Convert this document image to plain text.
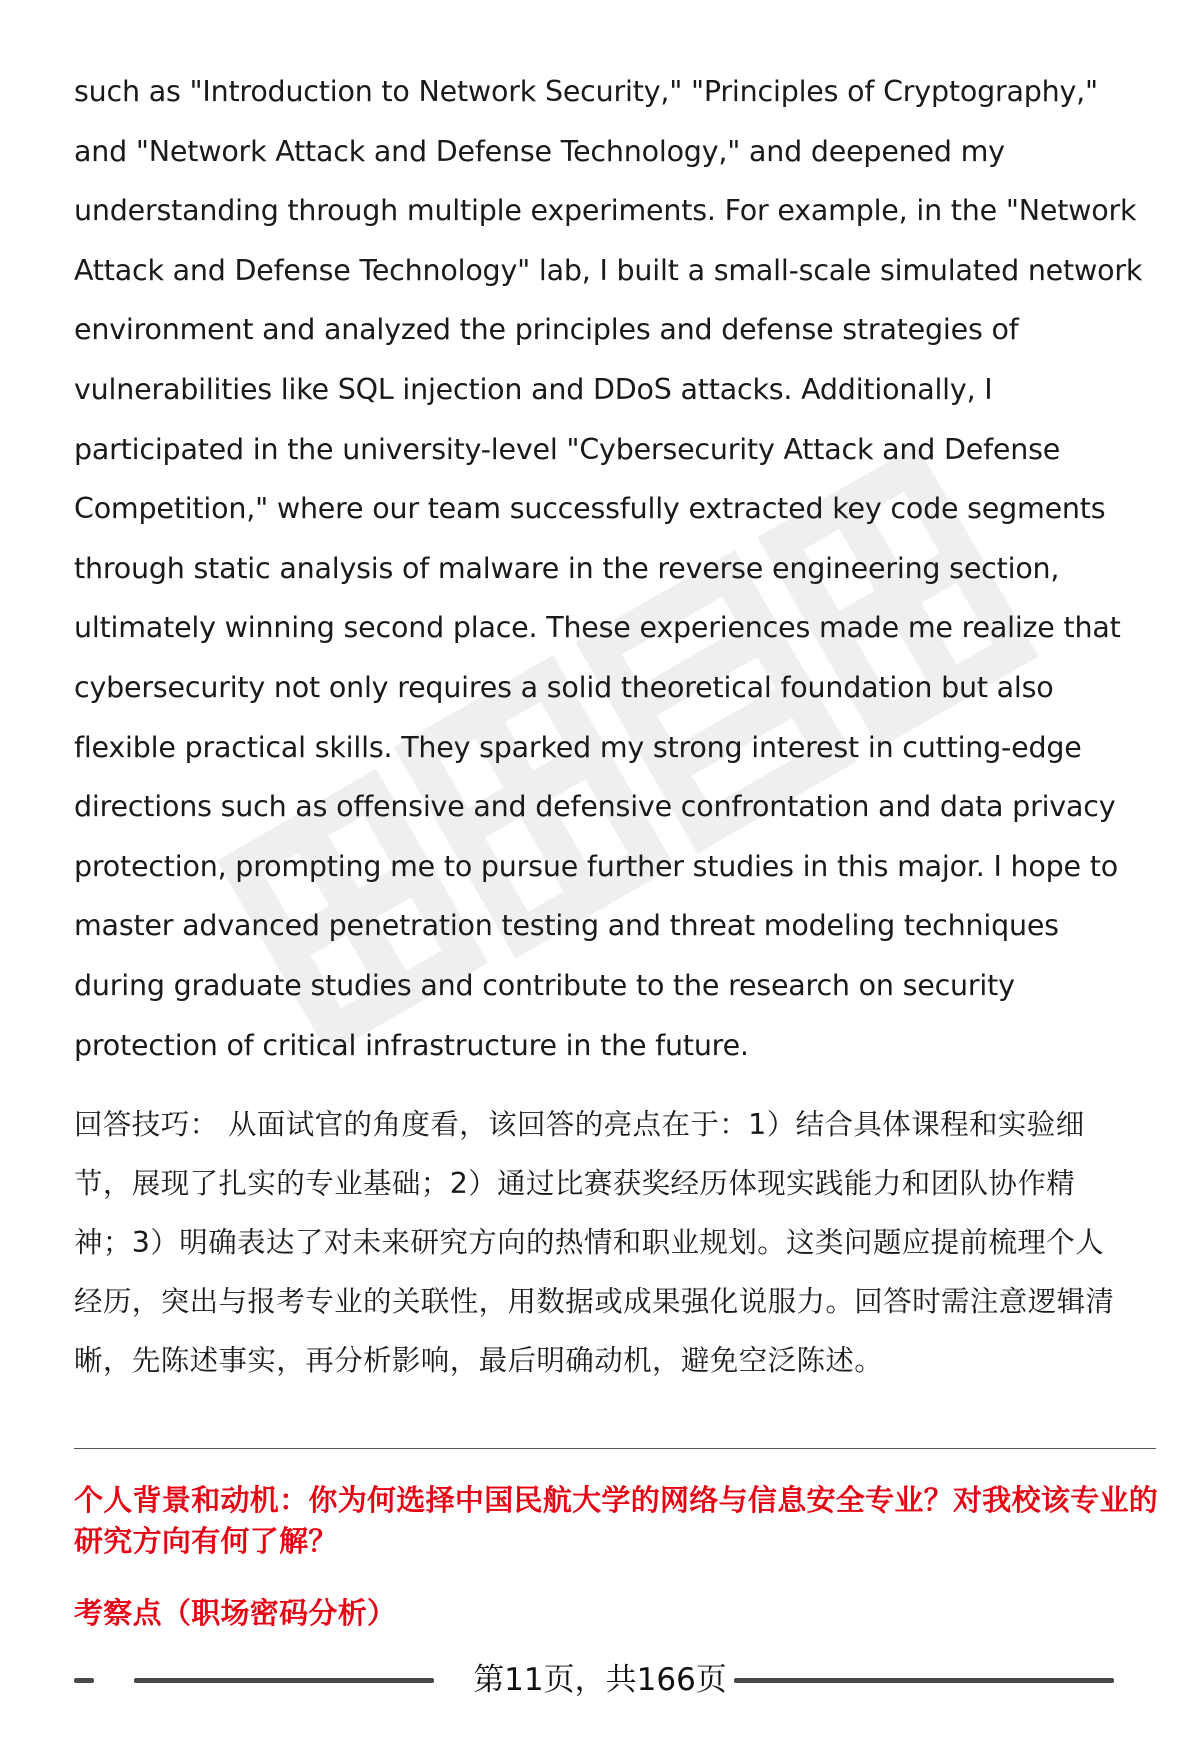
such as "Introduction to Network Security," "Principles of Cryptography,"
and "Network Attack and Defense Technology," and deepened my
understanding through multiple experiments. For example, in the "Network
Attack and Defense Technology" lab, I built a small-scale simulated network
environment and analyzed the principles and defense strategies of
vulnerabilities like SQL injection and DDoS attacks. Additionally, I
participated in the university-level "Cybersecurity Attack and Defense
Competition," where our team successfully extracted key code segments
through static analysis of malware in the reverse engineering section,
ultimately winning second place. These experiences made me realize that
cybersecurity not only requires a solid theoretical foundation but also
flexible practical skills. They sparked my strong interest in cutting-edge
directions such as offensive and defensive confrontation and data privacy
protection, prompting me to pursue further studies in this major. I hope to
master advanced penetration testing and threat modeling techniques
during graduate studies and contribute to the research on security
protection of critical infrastructure in the future.
回答技巧： 从面试官的角度看，该回答的亮点在于：1）结合具体课程和实验细
节，展现了扎实的专业基础；2）通过比赛获奖经历体现实践能力和团队协作精
神；3）明确表达了对未来研究方向的热情和职业规划。这类问题应提前梳理个人
经历，突出与报考专业的关联性，用数据或成果强化说服力。回答时需注意逻辑清
晰，先陈述事实，再分析影响，最后明确动机，避免空泛陈述。
个人背景和动机：你为何选择中国民航大学的网络与信息安全专业？对我校该专业的研究方向有何了解？
考察点（职场密码分析）
第11页，共166页
